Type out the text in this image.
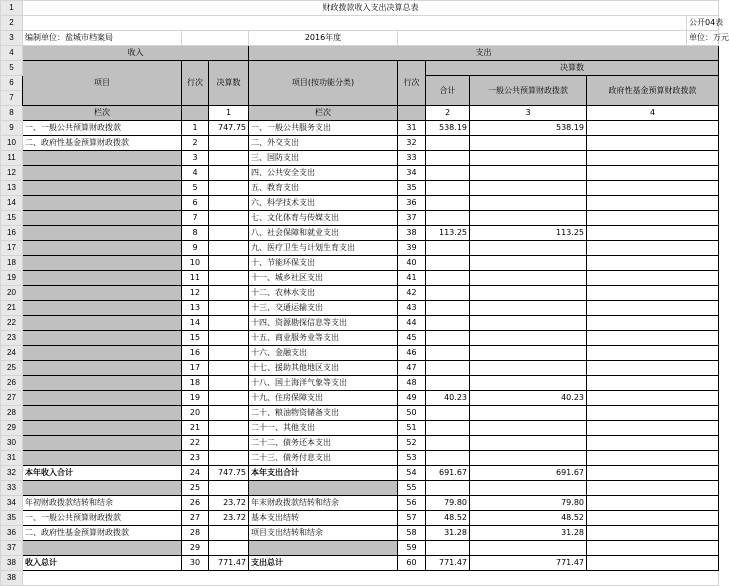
1	财政拨款收入支出决算总表								
2									公开04表
3	编制单位：盐城市档案局			2016年度					单位：万元
4	收入			支出					
5	项目	行次	决算数	项目(按功能分类)	行次	决算数			
6						合计	一般公共预算财政拨款	政府性基金预算财政拨款	
7									
8	栏次		1	栏次		2	3	4	
9	一、一般公共预算财政拨款	1	747.75	一、一般公共服务支出	31	538.19	538.19		
10	二、政府性基金预算财政拨款	2		二、外交支出	32				
11		3		三、国防支出	33				
12		4		四、公共安全支出	34				
13		5		五、教育支出	35				
14		6		六、科学技术支出	36				
15		7		七、文化体育与传媒支出	37				
16		8		八、社会保障和就业支出	38	113.25	113.25		
17		9		九、医疗卫生与计划生育支出	39				
18		10		十、节能环保支出	40				
19		11		十一、城乡社区支出	41				
20		12		十二、农林水支出	42				
21		13		十三、交通运输支出	43				
22		14		十四、资源勘探信息等支出	44				
23		15		十五、商业服务业等支出	45				
24		16		十六、金融支出	46				
25		17		十七、援助其他地区支出	47				
26		18		十八、国土海洋气象等支出	48				
27		19		十九、住房保障支出	49	40.23	40.23		
28		20		二十、粮油物资储备支出	50				
29		21		二十一、其他支出	51				
30		22		二十二、债务还本支出	52				
31		23		二十三、债务付息支出	53				
32	本年收入合计	24	747.75	本年支出合计	54	691.67	691.67		
33		25			55				
34	年初财政拨款结转和结余	26	23.72	年末财政拨款结转和结余	56	79.80	79.80		
35	一、一般公共预算财政拨款	27	23.72	基本支出结转	57	48.52	48.52		
36	二、政府性基金预算财政拨款	28		项目支出结转和结余	58	31.28	31.28		
37		29			59				
38	收入总计	30	771.47	支出总计	60	771.47	771.47		
38									
